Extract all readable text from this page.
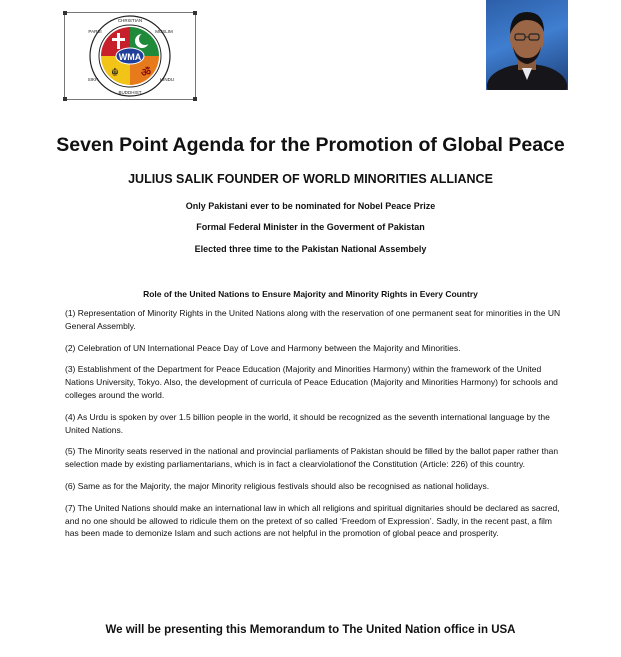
ॐ
☬
WMA
CHRISTIAN
MUSLIM
HINDU
SIKH
BUDDHIST
PARSI
Seven Point Agenda for the Promotion of Global Peace
JULIUS SALIK FOUNDER OF WORLD MINORITIES ALLIANCE
Only Pakistani ever to be nominated for Nobel Peace Prize
Formal Federal Minister in the Goverment of Pakistan
Elected three time to the Pakistan National Assembely
Role of the United Nations to Ensure Majority and Minority Rights in Every Country

(1) Representation of Minority Rights in the United Nations along with the reservation of one permanent seat for minorities in the UN General Assembly.

(2) Celebration of UN International Peace Day of Love and Harmony between the Majority and Minorities.

(3) Establishment of the Department for Peace Education (Majority and Minorities Harmony) within the framework of the United Nations University, Tokyo. Also, the development of curricula of Peace Education (Majority and Minorities Harmony) for schools and colleges around the world.

(4) As Urdu is spoken by over 1.5 billion people in the world, it should be recognized as the seventh international language by the United Nations.

(5) The Minority seats reserved in the national and provincial parliaments of Pakistan should be filled by the ballot paper rather than selection made by existing parliamentarians, which is in fact a clearviolationof the Constitution (Article: 226) of this country.

(6) Same as for the Majority, the major Minority religious festivals should also be recognised as national holidays.

(7) The United Nations should make an international law in which all religions and spiritual dignitaries should be declared as sacred, and no one should be allowed to ridicule them on the pretext of so called ‘Freedom of Expression’. Sadly, in the recent past, a film has been made to demonize Islam and such actions are not helpful in the promotion of global peace and prosperity.

We will be presenting this Memorandum to The United Nation office in USA
